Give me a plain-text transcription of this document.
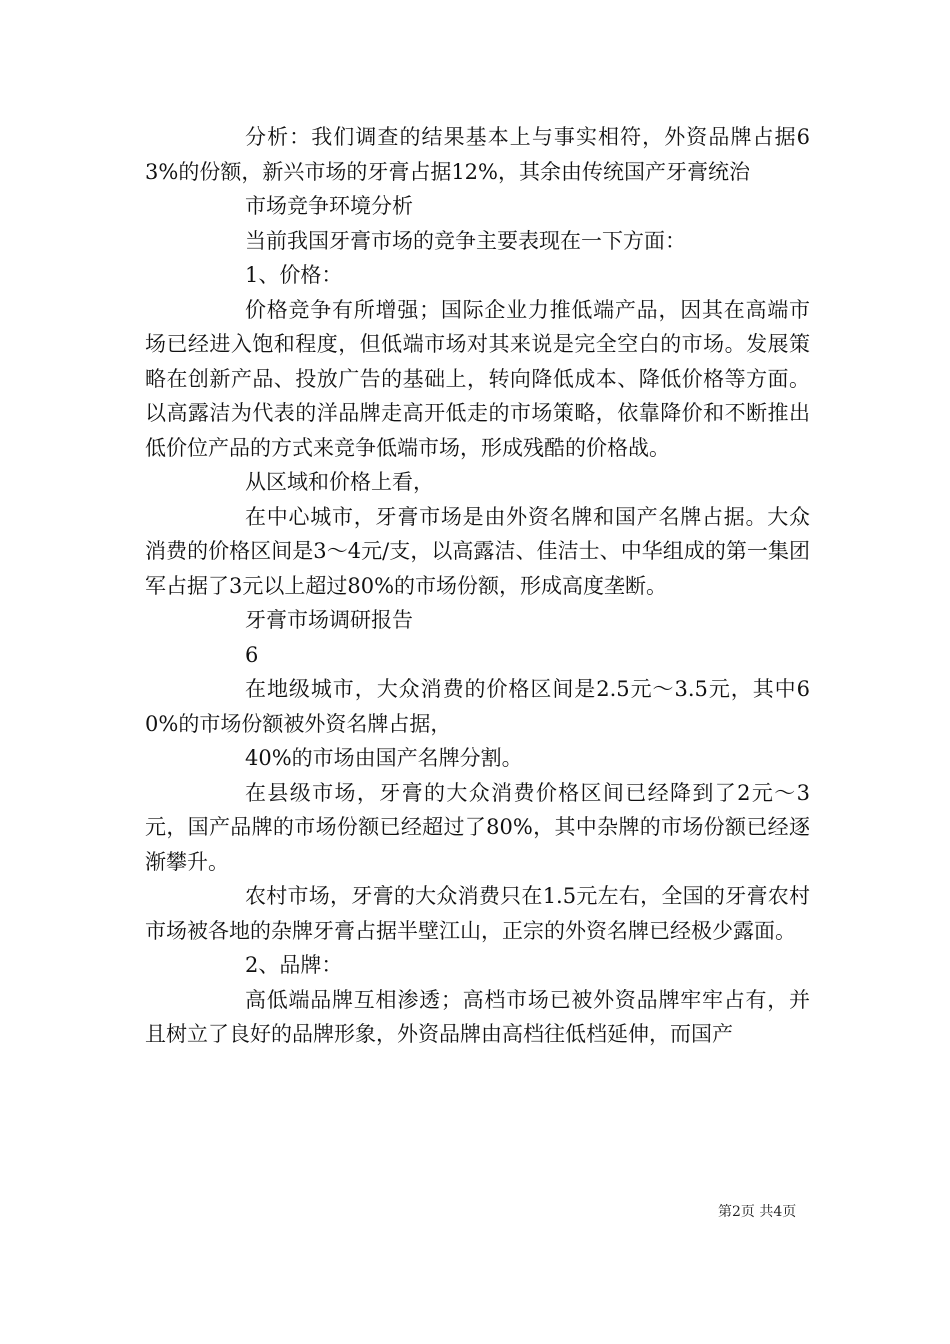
分析：我们调查的结果基本上与事实相符，外资品牌占据63%的份额，新兴市场的牙膏占据12%，其余由传统国产牙膏统治

市场竞争环境分析

当前我国牙膏市场的竞争主要表现在一下方面：

1、价格：

价格竞争有所增强；国际企业力推低端产品，因其在高端市场已经进入饱和程度，但低端市场对其来说是完全空白的市场。发展策略在创新产品、投放广告的基础上，转向降低成本、降低价格等方面。以高露洁为代表的洋品牌走高开低走的市场策略，依靠降价和不断推出低价位产品的方式来竞争低端市场，形成残酷的价格战。

从区域和价格上看，

在中心城市，牙膏市场是由外资名牌和国产名牌占据。大众消费的价格区间是3～4元/支，以高露洁、佳洁士、中华组成的第一集团军占据了3元以上超过80%的市场份额，形成高度垄断。

牙膏市场调研报告

6

在地级城市，大众消费的价格区间是2.5元～3.5元，其中60%的市场份额被外资名牌占据，

40%的市场由国产名牌分割。

在县级市场，牙膏的大众消费价格区间已经降到了2元～3元，国产品牌的市场份额已经超过了80%，其中杂牌的市场份额已经逐渐攀升。

农村市场，牙膏的大众消费只在1.5元左右，全国的牙膏农村市场被各地的杂牌牙膏占据半壁江山，正宗的外资名牌已经极少露面。

2、品牌：

高低端品牌互相渗透；高档市场已被外资品牌牢牢占有，并且树立了良好的品牌形象，外资品牌由高档往低档延伸，而国产

第2页 共4页
